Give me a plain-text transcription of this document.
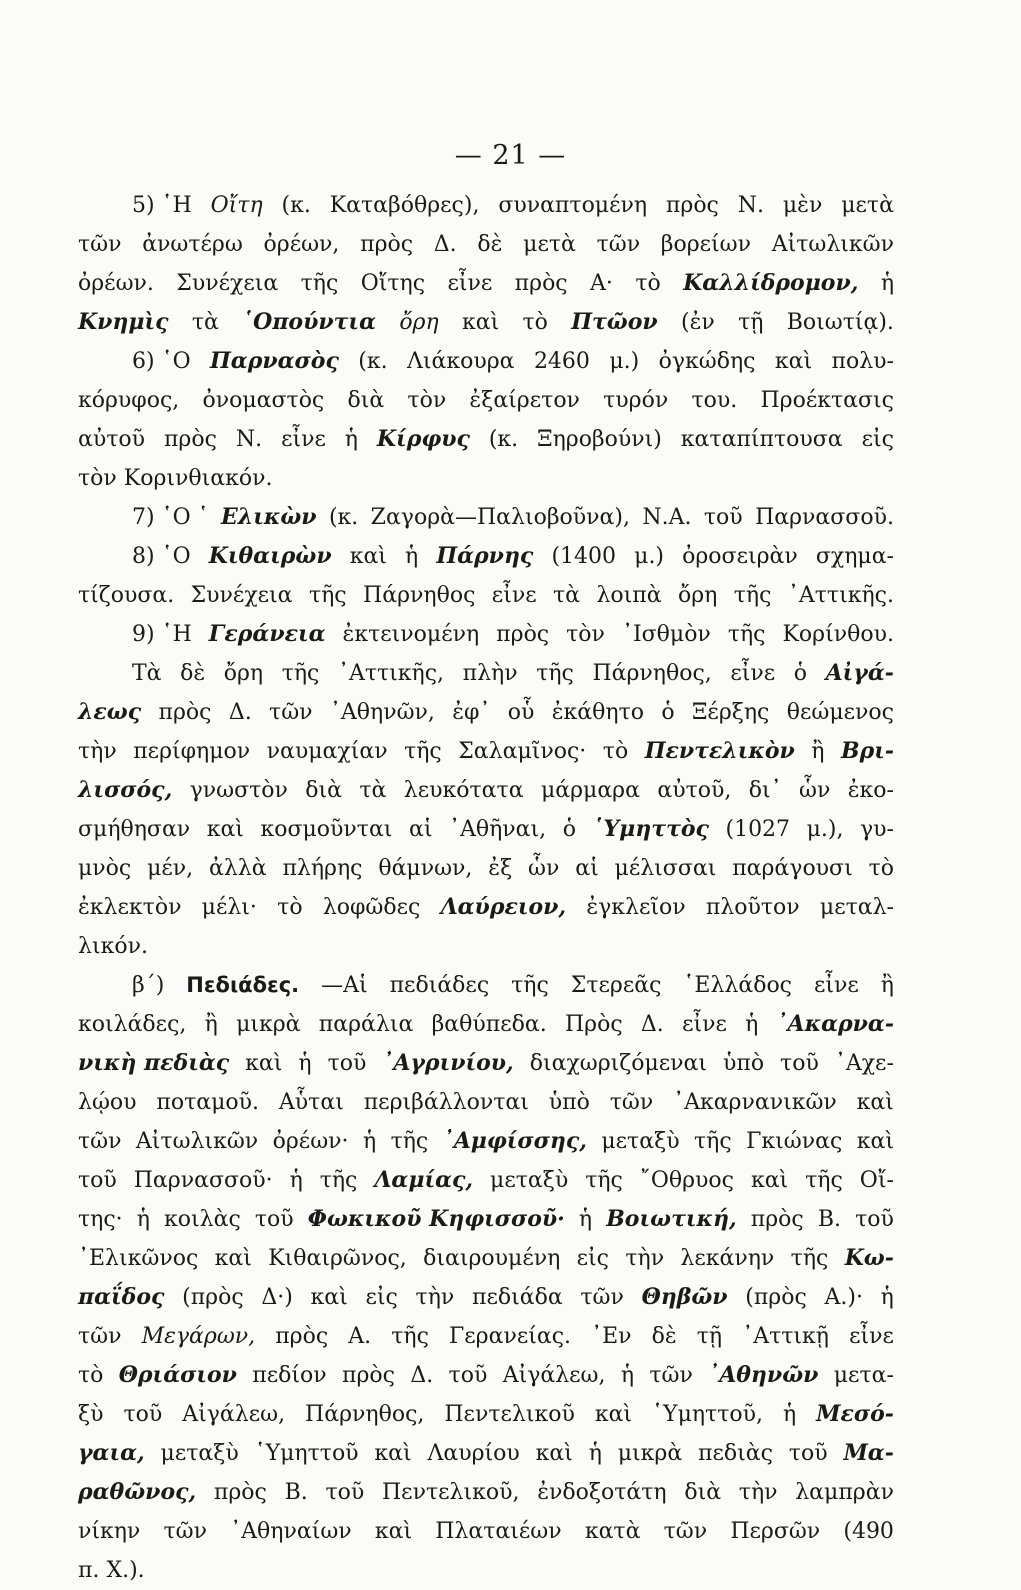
— 21 —
5) ῾Η Οἴτη (κ. Καταβόθρες), συναπτομένη πρὸς Ν. μὲν μετὰ
τῶν ἀνωτέρω ὀρέων, πρὸς Δ. δὲ μετὰ τῶν βορείων Αἰτωλικῶν
ὀρέων. Συνέχεια τῆς Οἴτης εἶνε πρὸς Α· τὸ Καλλίδρομον, ἡ
Κνημὶς τὰ ῾Οπούντια ὄρη καὶ τὸ Πτῶον (ἐν τῇ Βοιωτίᾳ).
6) ῾Ο Παρνασὸς (κ. Λιάκουρα 2460 μ.) ὀγκώδης καὶ πολυ-
κόρυφος, ὀνομαστὸς διὰ τὸν ἐξαίρετον τυρόν του. Προέκτασις
αὐτοῦ πρὸς Ν. εἶνε ἡ Κίρφυς (κ. Ξηροβούνι) καταπίπτουσα εἰς
τὸν Κορινθιακόν.
7) ῾Ο ῾ Ελικὼν (κ. Ζαγορὰ—Παλιοβοῦνα), Ν.Α. τοῦ Παρνασσοῦ.
8) ῾Ο Κιθαιρὼν καὶ ἡ Πάρνης (1400 μ.) ὀροσειρὰν σχημα-
τίζουσα. Συνέχεια τῆς Πάρνηθος εἶνε τὰ λοιπὰ ὄρη τῆς ᾿Αττικῆς.
9) ῾Η Γεράνεια ἐκτεινομένη πρὸς τὸν ᾿Ισθμὸν τῆς Κορίνθου.
Τὰ δὲ ὄρη τῆς ᾿Αττικῆς, πλὴν τῆς Πάρνηθος, εἶνε ὁ Αἰγά-
λεως πρὸς Δ. τῶν ᾿Αθηνῶν, ἐφ᾿ οὗ ἐκάθητο ὁ Ξέρξης θεώμενος
τὴν περίφημον ναυμαχίαν τῆς Σαλαμῖνος· τὸ Πεντελικὸν ἢ Βρι-
λισσός, γνωστὸν διὰ τὰ λευκότατα μάρμαρα αὐτοῦ, δι᾿ ὧν ἐκο-
σμήθησαν καὶ κοσμοῦνται αἱ ᾿Αθῆναι, ὁ ῾Υμηττὸς (1027 μ.), γυ-
μνὸς μέν, ἀλλὰ πλήρης θάμνων, ἐξ ὧν αἱ μέλισσαι παράγουσι τὸ
ἐκλεκτὸν μέλι· τὸ λοφῶδες Λαύρειον, ἐγκλεῖον πλοῦτον μεταλ-
λικόν.
β´) Πεδιάδες. —Αἱ πεδιάδες τῆς Στερεᾶς ῾Ελλάδος εἶνε ἢ
κοιλάδες, ἢ μικρὰ παράλια βαθύπεδα. Πρὸς Δ. εἶνε ἡ ᾿Ακαρνα-
νικὴ πεδιὰς καὶ ἡ τοῦ ᾿Αγρινίου, διαχωριζόμεναι ὑπὸ τοῦ ᾿Αχε-
λῴου ποταμοῦ. Αὗται περιβάλλονται ὑπὸ τῶν ᾿Ακαρνανικῶν καὶ
τῶν Αἰτωλικῶν ὀρέων· ἡ τῆς ᾿Αμφίσσης, μεταξὺ τῆς Γκιώνας καὶ
τοῦ Παρνασσοῦ· ἡ τῆς Λαμίας, μεταξὺ τῆς ῎Οθρυος καὶ τῆς Οἴ-
της· ἡ κοιλὰς τοῦ Φωκικοῦ Κηφισσοῦ· ἡ Βοιωτική, πρὸς Β. τοῦ
᾿Ελικῶνος καὶ Κιθαιρῶνος, διαιρουμένη εἰς τὴν λεκάνην τῆς Κω-
παΐδος (πρὸς Δ·) καὶ εἰς τὴν πεδιάδα τῶν Θηβῶν (πρὸς Α.)· ἡ
τῶν Μεγάρων, πρὸς Α. τῆς Γερανείας. ᾿Εν δὲ τῇ ᾿Αττικῇ εἶνε
τὸ Θριάσιον πεδίον πρὸς Δ. τοῦ Αἰγάλεω, ἡ τῶν ᾿Αθηνῶν μετα-
ξὺ τοῦ Αἰγάλεω, Πάρνηθος, Πεντελικοῦ καὶ ῾Υμηττοῦ, ἡ Μεσό-
γαια, μεταξὺ ῾Υμηττοῦ καὶ Λαυρίου καὶ ἡ μικρὰ πεδιὰς τοῦ Μα-
ραθῶνος, πρὸς Β. τοῦ Πεντελικοῦ, ἐνδοξοτάτη διὰ τὴν λαμπρὰν
νίκην τῶν ᾿Αθηναίων καὶ Πλαταιέων κατὰ τῶν Περσῶν (490
π. Χ.).
